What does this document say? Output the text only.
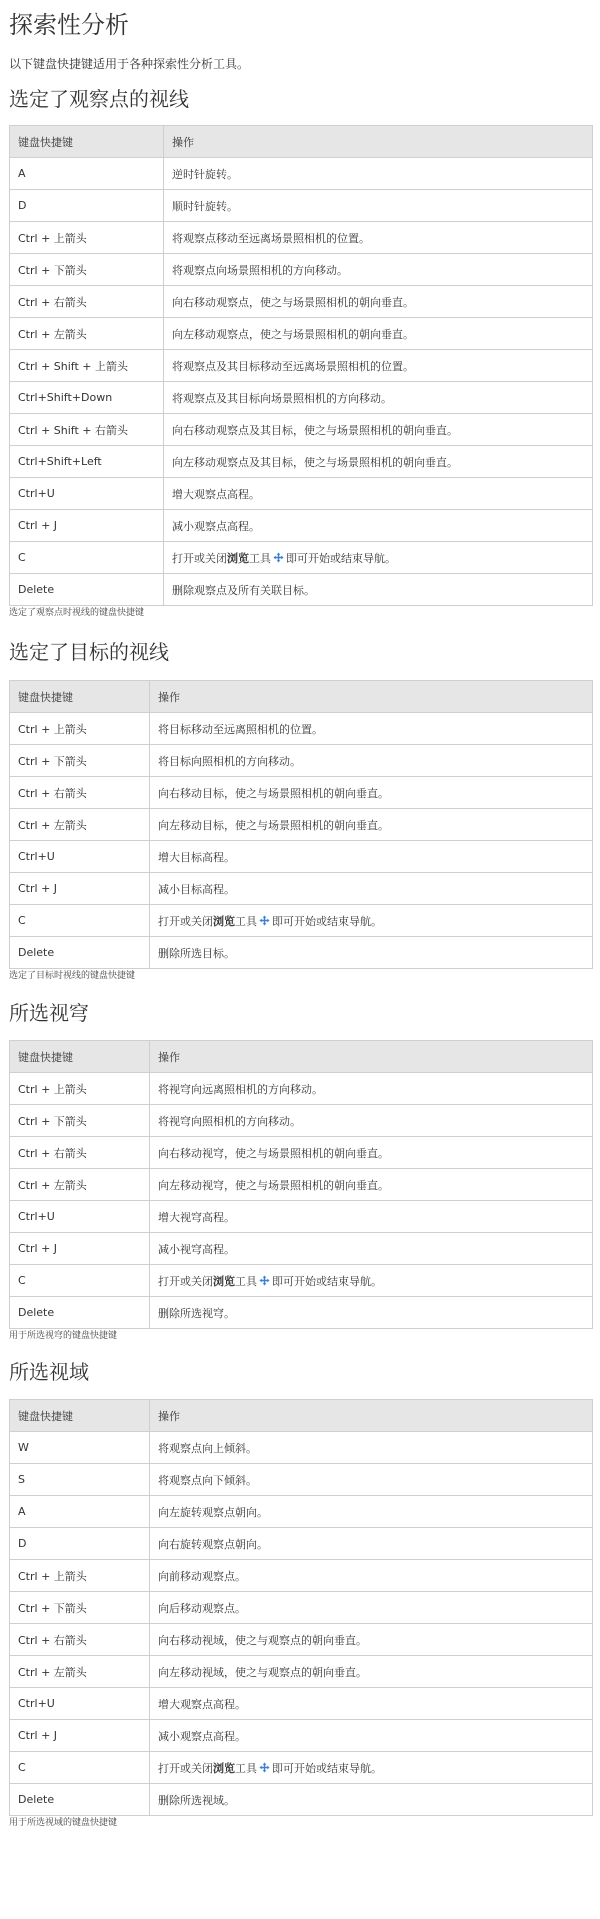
探索性分析

以下键盘快捷键适用于各种探索性分析工具。

选定了观察点的视线
键盘快捷键	操作
A	逆时针旋转。
D	顺时针旋转。
Ctrl + 上箭头	将观察点移动至远离场景照相机的位置。
Ctrl + 下箭头	将观察点向场景照相机的方向移动。
Ctrl + 右箭头	向右移动观察点，使之与场景照相机的朝向垂直。
Ctrl + 左箭头	向左移动观察点，使之与场景照相机的朝向垂直。
Ctrl + Shift + 上箭头	将观察点及其目标移动至远离场景照相机的位置。
Ctrl+Shift+Down	将观察点及其目标向场景照相机的方向移动。
Ctrl + Shift + 右箭头	向右移动观察点及其目标，使之与场景照相机的朝向垂直。
Ctrl+Shift+Left	向左移动观察点及其目标，使之与场景照相机的朝向垂直。
Ctrl+U	增大观察点高程。
Ctrl + J	减小观察点高程。
C	打开或关闭浏览工具 即可开始或结束导航。
Delete	删除观察点及所有关联目标。

选定了观察点时视线的键盘快捷键

选定了目标的视线
键盘快捷键	操作
Ctrl + 上箭头	将目标移动至远离照相机的位置。
Ctrl + 下箭头	将目标向照相机的方向移动。
Ctrl + 右箭头	向右移动目标，使之与场景照相机的朝向垂直。
Ctrl + 左箭头	向左移动目标，使之与场景照相机的朝向垂直。
Ctrl+U	增大目标高程。
Ctrl + J	减小目标高程。
C	打开或关闭浏览工具 即可开始或结束导航。
Delete	删除所选目标。

选定了目标时视线的键盘快捷键

所选视穹
键盘快捷键	操作
Ctrl + 上箭头	将视穹向远离照相机的方向移动。
Ctrl + 下箭头	将视穹向照相机的方向移动。
Ctrl + 右箭头	向右移动视穹，使之与场景照相机的朝向垂直。
Ctrl + 左箭头	向左移动视穹，使之与场景照相机的朝向垂直。
Ctrl+U	增大视穹高程。
Ctrl + J	减小视穹高程。
C	打开或关闭浏览工具 即可开始或结束导航。
Delete	删除所选视穹。

用于所选视穹的键盘快捷键

所选视域
键盘快捷键	操作
W	将观察点向上倾斜。
S	将观察点向下倾斜。
A	向左旋转观察点朝向。
D	向右旋转观察点朝向。
Ctrl + 上箭头	向前移动观察点。
Ctrl + 下箭头	向后移动观察点。
Ctrl + 右箭头	向右移动视域，使之与观察点的朝向垂直。
Ctrl + 左箭头	向左移动视域，使之与观察点的朝向垂直。
Ctrl+U	增大观察点高程。
Ctrl + J	减小观察点高程。
C	打开或关闭浏览工具 即可开始或结束导航。
Delete	删除所选视域。

用于所选视域的键盘快捷键
